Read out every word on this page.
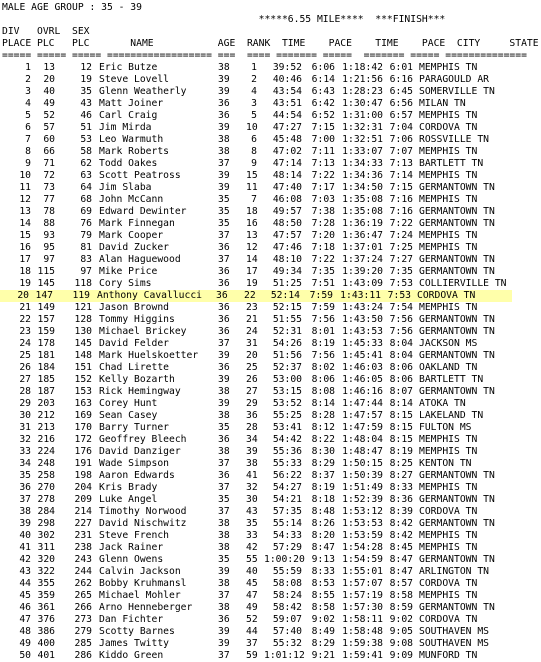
MALE AGE GROUP : 35 - 39
*****6.55 MILE****  ***FINISH***
DIV   OVRL  SEX
PLACE PLC   PLC       NAME           AGE  RANK  TIME    PACE    TIME    PACE  CITY     STATE
===== ===== ===== ================== ===  ==== ======= =====  ======= ===== ==============
1	13	12 Eric Butze	38	1	39:52 6:06 1:18:42 6:01 MEMPHIS TN
2	20	19 Steve Lovell	39	2	40:46 6:14 1:21:56 6:16 PARAGOULD AR
3	40	35 Glenn Weatherly	39	4	43:54 6:43 1:28:23 6:45 SOMERVILLE TN
4	49	43 Matt Joiner	36	3	43:51 6:42 1:30:47 6:56 MILAN TN
5	52	46 Carl Craig	36	5	44:54 6:52 1:31:00 6:57 MEMPHIS TN
6	57	51 Jim Mirda	39 10	47:27 7:15 1:32:31 7:04 CORDOVA TN
7	60	53 Leo Warmuth	38	6	45:48 7:00 1:32:51 7:06 ROSSVILLE TN
8	66	58 Mark Roberts	38	8	47:02 7:11 1:33:07 7:07 MEMPHIS TN
9	71	62 Todd Oakes	37	9	47:14 7:13 1:34:33 7:13 BARTLETT TN
10	72	63 Scott Peatross	39 15	48:14 7:22 1:34:36 7:14 MEMPHIS TN
11	73	64 Jim Slaba	39 11	47:40 7:17 1:34:50 7:15 GERMANTOWN TN
12	77	68 John McCann	35	7	46:08 7:03 1:35:08 7:16 MEMPHIS TN
13	78	69 Edward Dewinter	35 18	49:57 7:38 1:35:08 7:16 GERMANTOWN TN
14	88	76 Mark Finnegan	35 16	48:50 7:28 1:36:19 7:22 GERMANTOWN TN
15	93	79 Mark Cooper	37 13	47:57 7:20 1:36:47 7:24 MEMPHIS TN
16	95	81 David Zucker	36 12	47:46 7:18 1:37:01 7:25 MEMPHIS TN
17	97	83 Alan Haguewood	37 14	48:10 7:22 1:37:24 7:27 GERMANTOWN TN
18 115	97 Mike Price	36 17	49:34 7:35 1:39:20 7:35 GERMANTOWN TN
19 145	118 Cory Sims	36 19	51:25 7:51 1:43:09 7:53 COLLIERVILLE TN
20 147	119 Anthony Cavallucci 36 22	52:14 7:59 1:43:11 7:53 CORDOVA TN
21 149	121 Jason Brownd	36 23	52:15 7:59 1:43:24 7:54 MEMPHIS TN
22 157	128 Tommy Higgins	36 21	51:55 7:56 1:43:50 7:56 GERMANTOWN TN
23 159	130 Michael Brickey	36 24	52:31 8:01 1:43:53 7:56 GERMANTOWN TN
24 178	145 David Felder	37 31	54:26 8:19 1:45:33 8:04 JACKSON MS
25 181	148 Mark Huelskoetter 39 20	51:56 7:56 1:45:41 8:04 GERMANTOWN TN
26 184	151 Chad Lirette	36 25	52:37 8:02 1:46:03 8:06 OAKLAND TN
27 185	152 Kelly Bozarth	39 26	53:00 8:06 1:46:05 8:06 BARTLETT TN
28 187	153 Rick Hemingway	38 27	53:15 8:08 1:46:16 8:07 GERMANTOWN TN
29 203	163 Corey Hunt	39 29	53:52 8:14 1:47:44 8:14 ATOKA TN
30 212	169 Sean Casey	38 36	55:25 8:28 1:47:57 8:15 LAKELAND TN
31 213	170 Barry Turner	35 28	53:41 8:12 1:47:59 8:15 FULTON MS
32 216	172 Geoffrey Bleech	36 34	54:42 8:22 1:48:04 8:15 MEMPHIS TN
33 224	176 David Danziger	38 39	55:36 8:30 1:48:47 8:19 MEMPHIS TN
34 248	191 Wade Simpson	37 38	55:33 8:29 1:50:15 8:25 KENTON TN
35 258	198 Aaron Edwards	36 41	56:22 8:37 1:50:39 8:27 GERMANTOWN TN
36 270	204 Kris Brady	37 32	54:27 8:19 1:51:49 8:33 MEMPHIS TN
37 278	209 Luke Angel	35 30	54:21 8:18 1:52:39 8:36 GERMANTOWN TN
38 284	214 Timothy Norwood	37 43	57:35 8:48 1:53:12 8:39 CORDOVA TN
39 298	227 David Nischwitz	38 35	55:14 8:26 1:53:53 8:42 GERMANTOWN TN
40 302	231 Steve French	38 33	54:33 8:20 1:53:59 8:42 MEMPHIS TN
41 311	238 Jack Rainer	38 42	57:29 8:47 1:54:28 8:45 MEMPHIS TN
42 320	243 Glenn Owens	35 55 1:00:20 9:13 1:54:59 8:47 GERMANTOWN TN
43 322	244 Calvin Jackson	39 40	55:59 8:33 1:55:01 8:47 ARLINGTON TN
44 355	262 Bobby Kruhmansl	38 45	58:08 8:53 1:57:07 8:57 CORDOVA TN
45 359	265 Michael Mohler	37 47	58:24 8:55 1:57:19 8:58 MEMPHIS TN
46 361	266 Arno Henneberger	38 49	58:42 8:58 1:57:30 8:59 GERMANTOWN TN
47 376	273 Dan Fichter	36 52	59:07 9:02 1:58:11 9:02 CORDOVA TN
48 386	279 Scotty Barnes	39 44	57:40 8:49 1:58:48 9:05 SOUTHAVEN MS
49 400	285 James Twitty	39 37	55:32 8:29 1:59:38 9:08 SOUTHAVEN MS
50 401	286 Kiddo Green	37 59 1:01:12 9:21 1:59:41 9:09 MUNFORD TN
